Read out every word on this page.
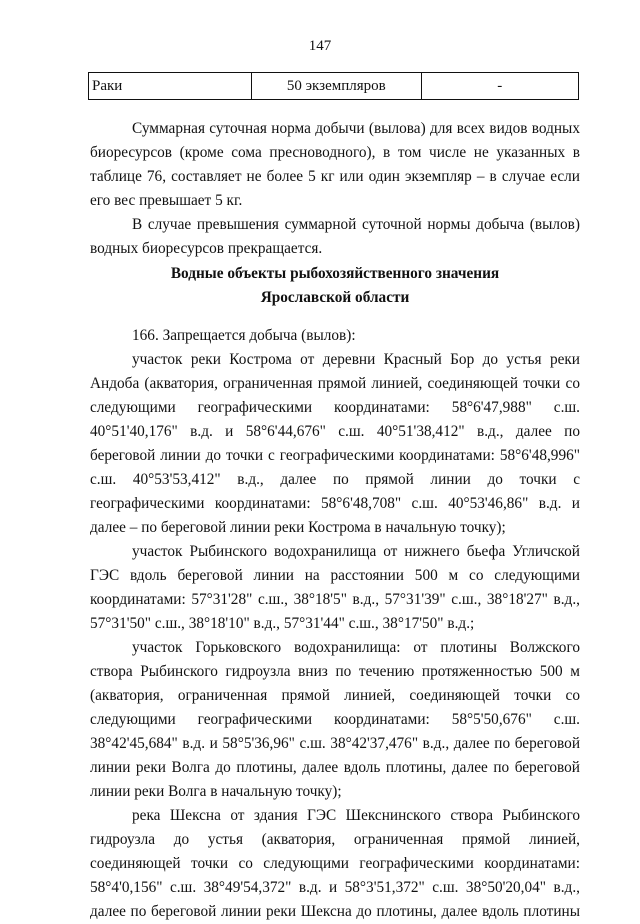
147
Раки	50 экземпляров	-

Суммарная суточная норма добычи (вылова) для всех видов водных биоресурсов (кроме сома пресноводного), в том числе не указанных в таблице 76, составляет не более 5 кг или один экземпляр – в случае если его вес превышает 5 кг.

В случае превышения суммарной суточной нормы добыча (вылов) водных биоресурсов прекращается.

Водные объекты рыбохозяйственного значения
Ярославской области

166. Запрещается добыча (вылов):

участок реки Кострома от деревни Красный Бор до устья реки Андоба (акватория, ограниченная прямой линией, соединяющей точки со следующими географическими координатами: 58°6'47,988" с.ш. 40°51'40,176" в.д. и 58°6'44,676" с.ш. 40°51'38,412" в.д., далее по береговой линии до точки с географическими координатами: 58°6'48,996" с.ш. 40°53'53,412" в.д., далее по прямой линии до точки с географическими координатами: 58°6'48,708" с.ш. 40°53'46,86" в.д. и далее – по береговой линии реки Кострома в начальную точку);

участок Рыбинского водохранилища от нижнего бьефа Угличской ГЭС вдоль береговой линии на расстоянии 500 м со следующими координатами: 57°31'28" с.ш., 38°18'5" в.д., 57°31'39" с.ш., 38°18'27" в.д., 57°31'50" с.ш., 38°18'10" в.д., 57°31'44" с.ш., 38°17'50" в.д.;

участок Горьковского водохранилища: от плотины Волжского створа Рыбинского гидроузла вниз по течению протяженностью 500 м (акватория, ограниченная прямой линией, соединяющей точки со следующими географическими координатами: 58°5'50,676" с.ш. 38°42'45,684" в.д. и 58°5'36,96" с.ш. 38°42'37,476" в.д., далее по береговой линии реки Волга до плотины, далее вдоль плотины, далее по береговой линии реки Волга в начальную точку);

река Шексна от здания ГЭС Шекснинского створа Рыбинского гидроузла до устья (акватория, ограниченная прямой линией, соединяющей точки со следующими географическими координатами: 58°4'0,156" с.ш. 38°49'54,372" в.д. и 58°3'51,372" с.ш. 38°50'20,04" в.д., далее по береговой линии реки Шексна до плотины, далее вдоль плотины
